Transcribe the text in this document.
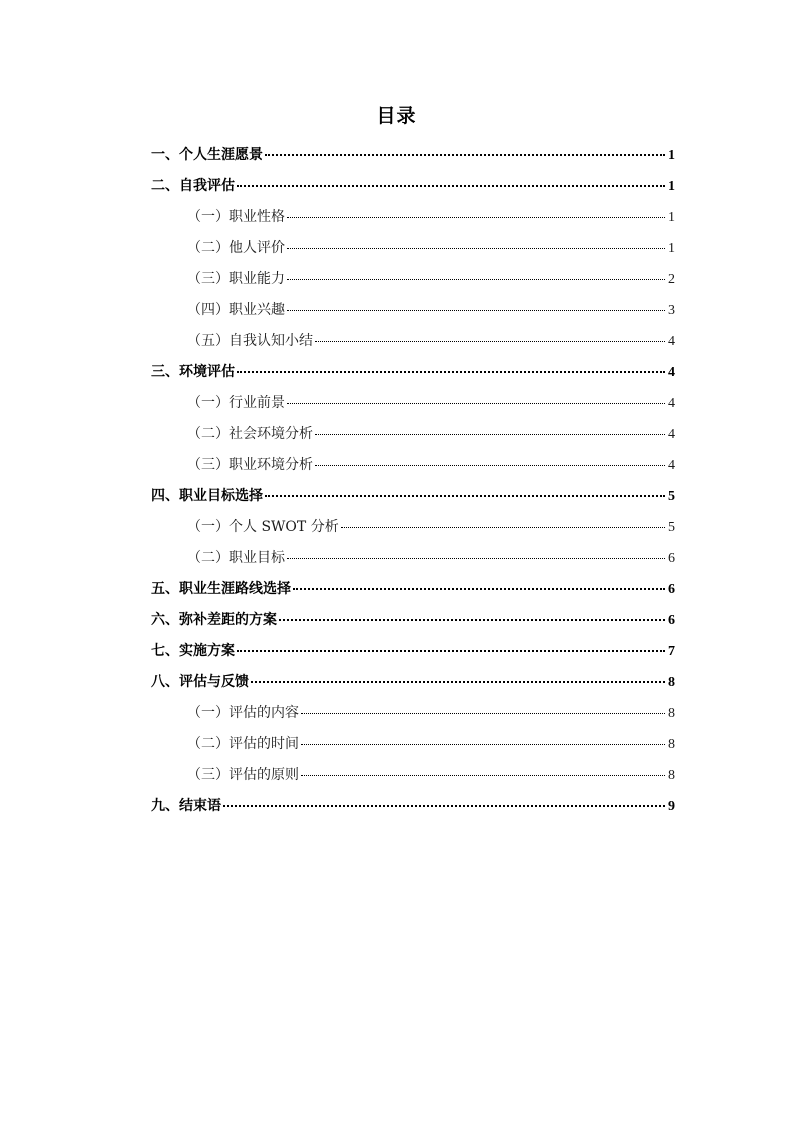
目录
一、个人生涯愿景	1
二、自我评估	1
（一）职业性格	1
（二）他人评价	1
（三）职业能力	2
（四）职业兴趣	3
（五）自我认知小结	4
三、环境评估	4
（一）行业前景	4
（二）社会环境分析	4
（三）职业环境分析	4
四、职业目标选择	5
（一）个人 SWOT 分析	5
（二）职业目标	6
五、职业生涯路线选择	6
六、弥补差距的方案	6
七、实施方案	7
八、评估与反馈	8
（一）评估的内容	8
（二）评估的时间	8
（三）评估的原则	8
九、结束语	9
